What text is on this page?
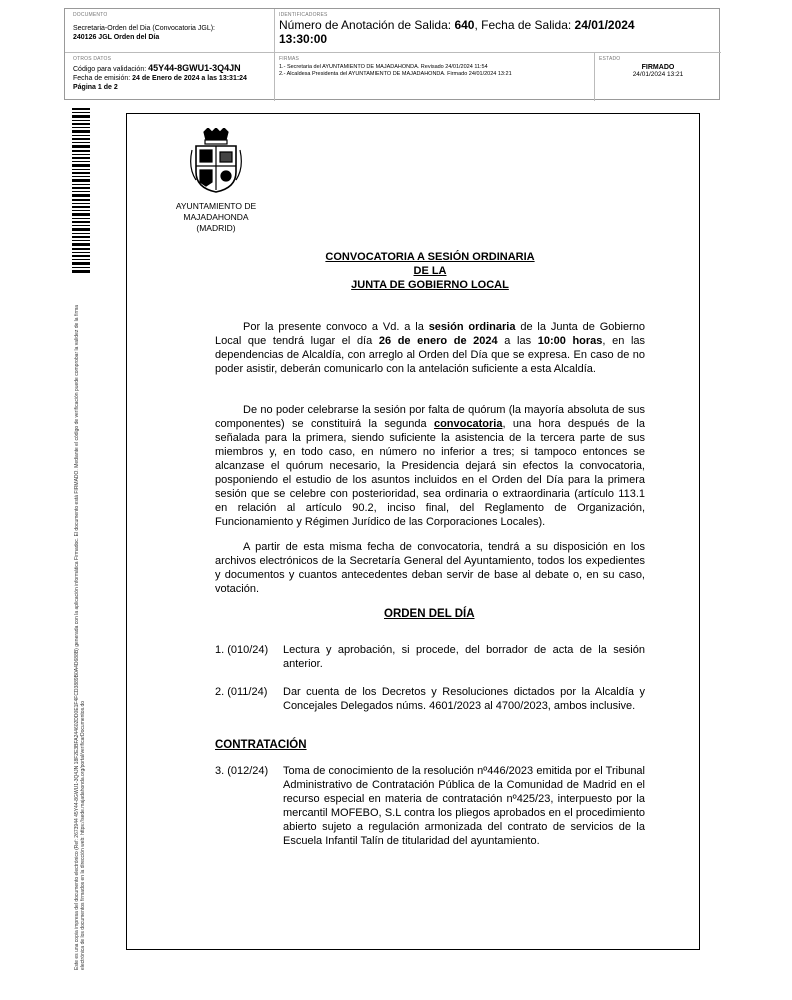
DOCUMENTO
Secretaria-Orden del Dia (Convocatoria JGL):
240126 JGL Orden del Día
IDENTIFICADORES
Número de Anotación de Salida: 640, Fecha de Salida: 24/01/2024
13:30:00
OTROS DATOS
Código para validación: 45Y44-8GWU1-3Q4JN
Fecha de emisión: 24 de Enero de 2024 a las 13:31:24
Página 1 de 2
FIRMAS
1.- Secretaria del AYUNTAMIENTO DE MAJADAHONDA. Revisado 24/01/2024 11:54
2.- Alcaldesa Presidenta del AYUNTAMIENTO DE MAJADAHONDA. Firmado 24/01/2024 13:21
ESTADO
FIRMADO
24/01/2024 13:21
Este es una copia impresa del documento electrónico (Ref: 2673944 45Y44-8GWU1-3Q4JN 18F2E3BFA244602DD0E1F4FCD3889B0A4D688B) generada con la aplicación informática Firmadoc. El documento está FIRMADO. Mediante el código de verificación puede comprobar la validez de la firma electrónica de los documentos firmados en la dirección web: https://sede.majadahonda.org/portal/verificarDocumentos.do
AYUNTAMIENTO DE
MAJADAHONDA
(MADRID)
CONVOCATORIA A SESIÓN ORDINARIA
DE LA
JUNTA DE GOBIERNO LOCAL
Por la presente convoco a Vd. a la sesión ordinaria de la Junta de Gobierno Local que tendrá lugar el día 26 de enero de 2024 a las 10:00 horas, en las dependencias de Alcaldía, con arreglo al Orden del Día que se expresa. En caso de no poder asistir, deberán comunicarlo con la antelación suficiente a esta Alcaldía.
De no poder celebrarse la sesión por falta de quórum (la mayoría absoluta de sus componentes) se constituirá la segunda convocatoria, una hora después de la señalada para la primera, siendo suficiente la asistencia de la tercera parte de sus miembros y, en todo caso, en número no inferior a tres; si tampoco entonces se alcanzase el quórum necesario, la Presidencia dejará sin efectos la convocatoria, posponiendo el estudio de los asuntos incluidos en el Orden del Día para la primera sesión que se celebre con posterioridad, sea ordinaria o extraordinaria (artículo 113.1 en relación al artículo 90.2, inciso final, del Reglamento de Organización, Funcionamiento y Régimen Jurídico de las Corporaciones Locales).
A partir de esta misma fecha de convocatoria, tendrá a su disposición en los archivos electrónicos de la Secretaría General del Ayuntamiento, todos los expedientes y documentos y cuantos antecedentes deban servir de base al debate o, en su caso, votación.
ORDEN DEL DÍA
1. (010/24)	Lectura y aprobación, si procede, del borrador de acta de la sesión anterior.
2. (011/24)	Dar cuenta de los Decretos y Resoluciones dictados por la Alcaldía y Concejales Delegados núms. 4601/2023 al 4700/2023, ambos inclusive.
CONTRATACIÓN
3. (012/24)	Toma de conocimiento de la resolución nº446/2023 emitida por el Tribunal Administrativo de Contratación Pública de la Comunidad de Madrid en el recurso especial en materia de contratación nº425/23, interpuesto por la mercantil MOFEBO, S.L contra los pliegos aprobados en el procedimiento abierto sujeto a regulación armonizada del contrato de servicios de la Escuela Infantil Talín de titularidad del ayuntamiento.
